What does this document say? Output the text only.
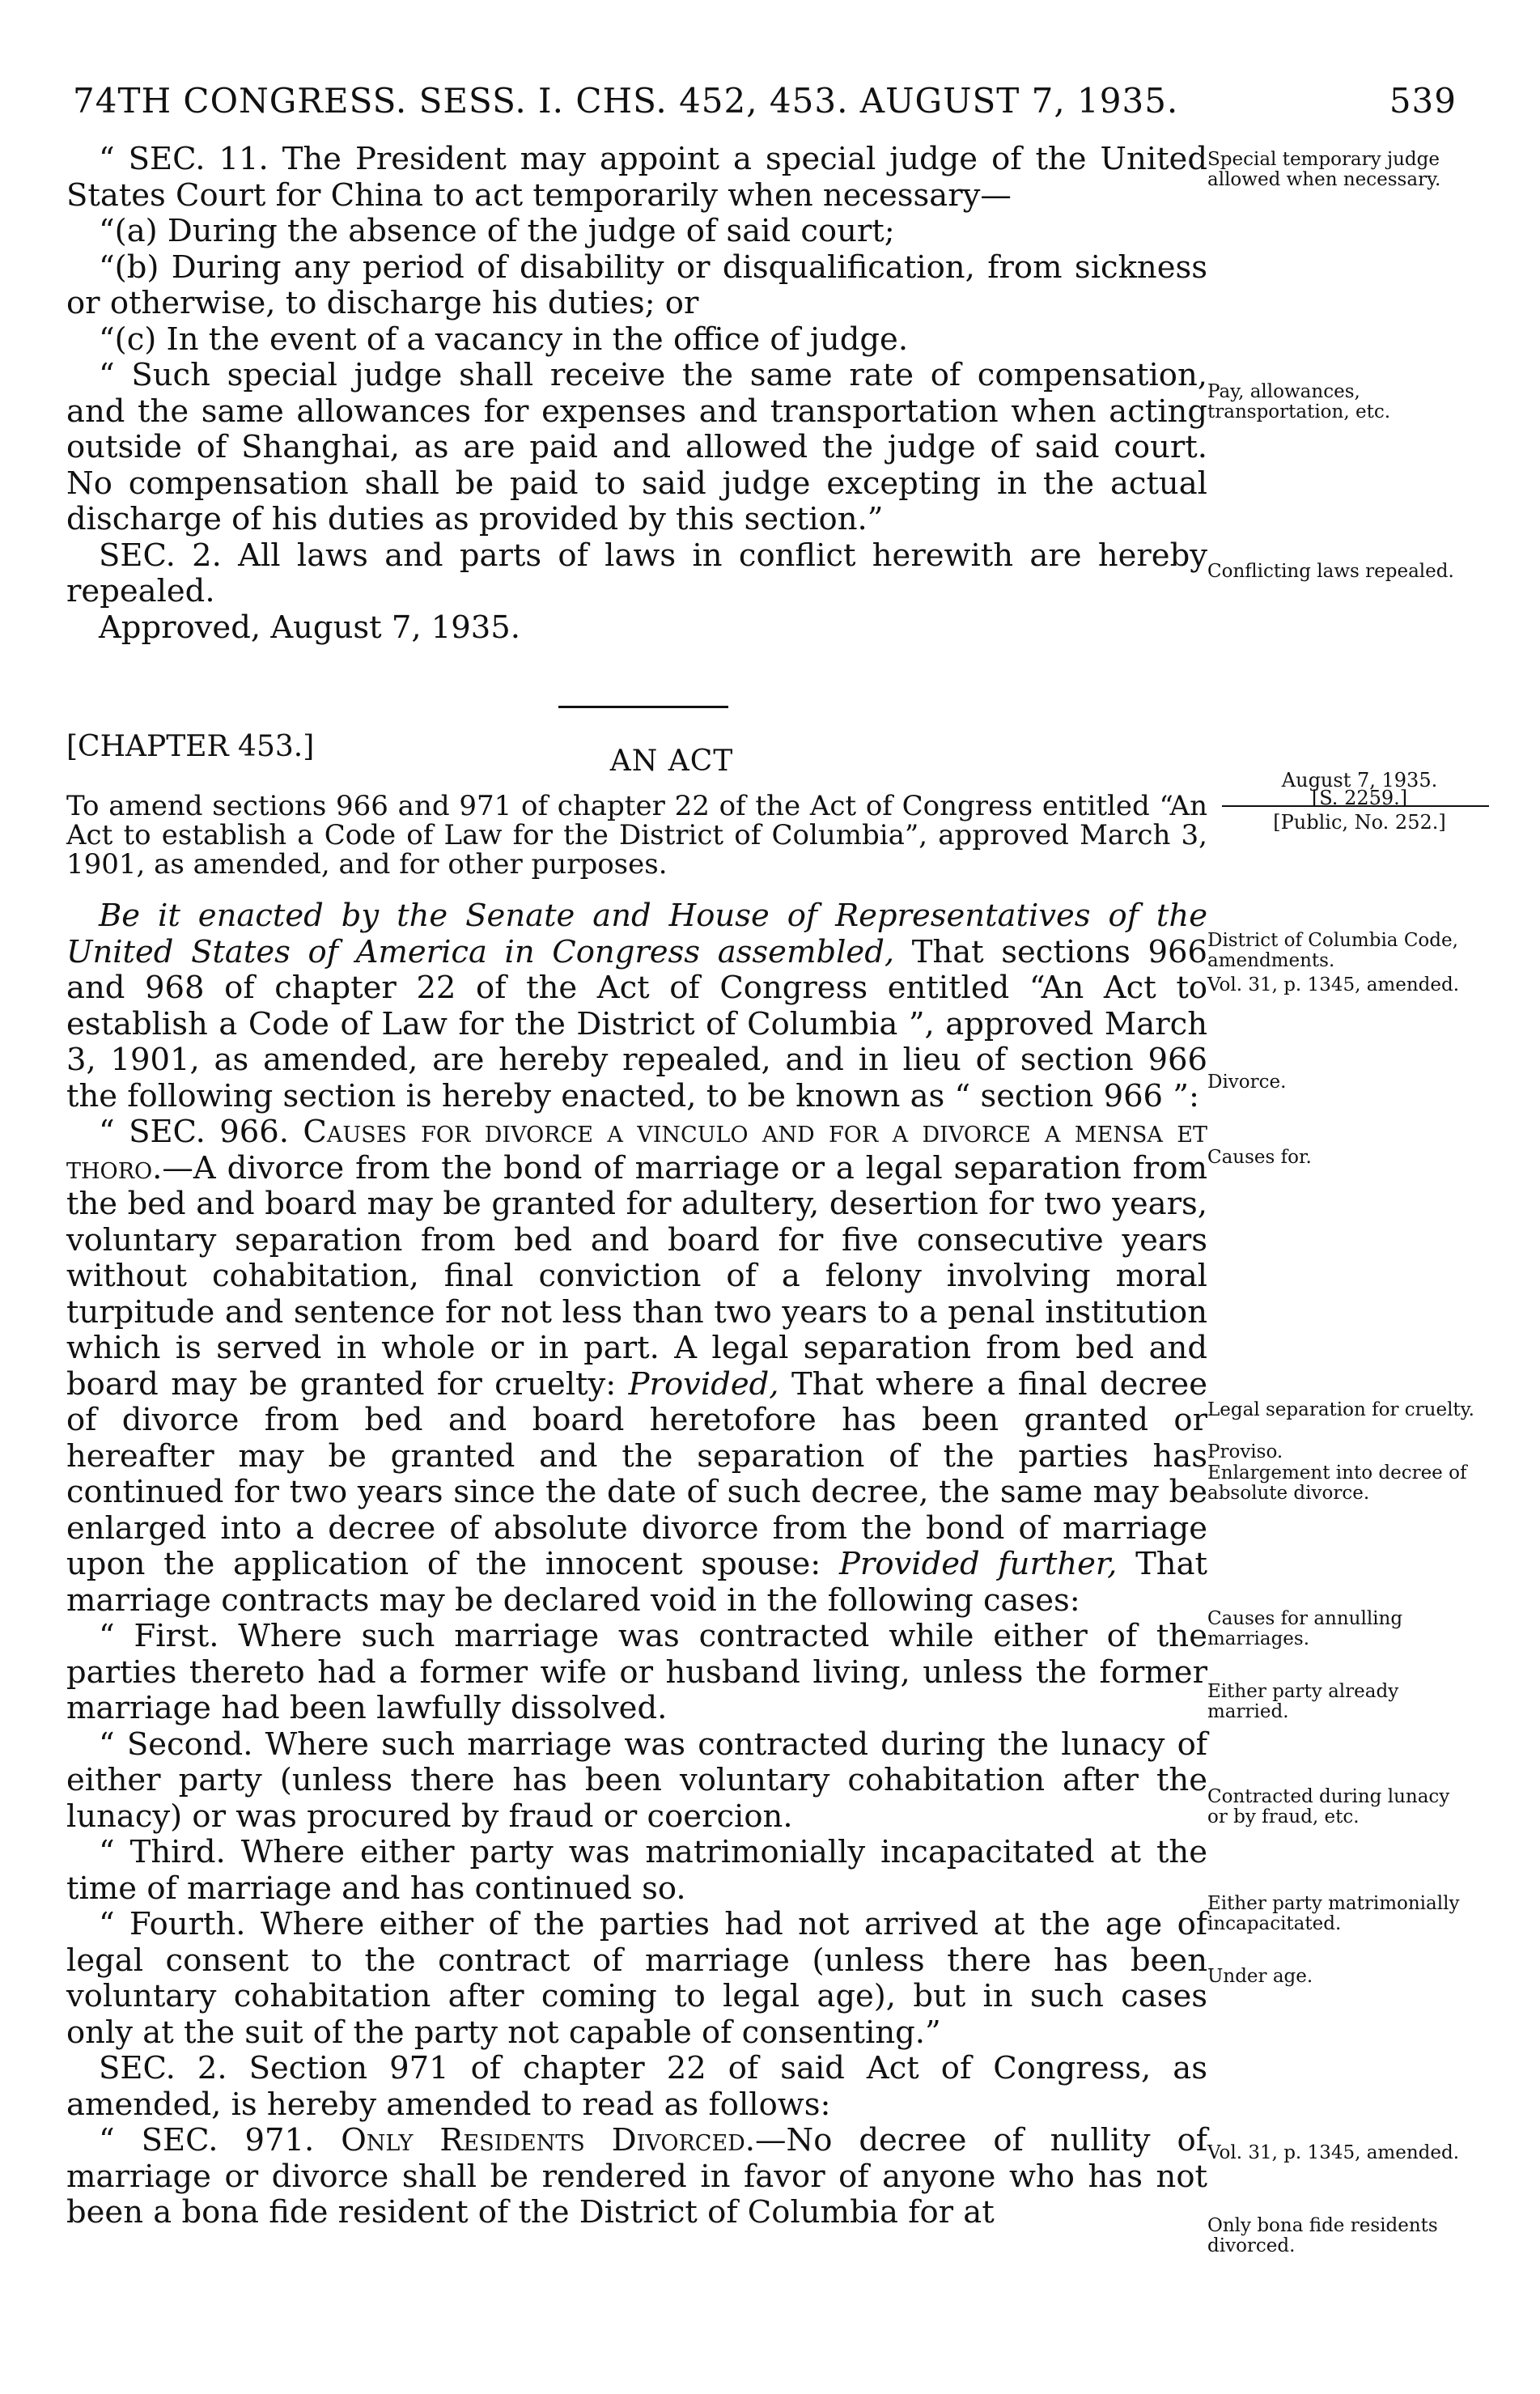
74TH CONGRESS. SESS. I. CHS. 452, 453. AUGUST 7, 1935.	539

“ SEC. 11. The President may appoint a special judge of the United States Court for China to act temporarily when necessary—

“(a) During the absence of the judge of said court;

“(b) During any period of disability or disqualification, from sickness or otherwise, to discharge his duties; or

“(c) In the event of a vacancy in the office of judge.

“ Such special judge shall receive the same rate of compensation, and the same allowances for expenses and transportation when acting outside of Shanghai, as are paid and allowed the judge of said court. No compensation shall be paid to said judge excepting in the actual discharge of his duties as provided by this section.”

SEC. 2. All laws and parts of laws in conflict herewith are hereby repealed.

Approved, August 7, 1935.

Special temporary judge allowed when necessary.
Pay, allowances, transportation, etc.
Conflicting laws repealed.
[CHAPTER 453.]	AN ACT
To amend sections 966 and 971 of chapter 22 of the Act of Congress entitled “An Act to establish a Code of Law for the District of Columbia”, approved March 3, 1901, as amended, and for other purposes.
August 7, 1935.
[S. 2259.]
[Public, No. 252.]

Be it enacted by the Senate and House of Representatives of the United States of America in Congress assembled, That sections 966 and 968 of chapter 22 of the Act of Congress entitled “An Act to establish a Code of Law for the District of Columbia ”, approved March 3, 1901, as amended, are hereby repealed, and in lieu of section 966 the following section is hereby enacted, to be known as “ section 966 ”:

“ SEC. 966. Causes for divorce a vinculo and for a divorce a mensa et thoro.—A divorce from the bond of marriage or a legal separation from the bed and board may be granted for adultery, desertion for two years, voluntary separation from bed and board for five consecutive years without cohabitation, final conviction of a felony involving moral turpitude and sentence for not less than two years to a penal institution which is served in whole or in part. A legal separation from bed and board may be granted for cruelty: Provided, That where a final decree of divorce from bed and board heretofore has been granted or hereafter may be granted and the separation of the parties has continued for two years since the date of such decree, the same may be enlarged into a decree of absolute divorce from the bond of marriage upon the application of the innocent spouse: Provided further, That marriage contracts may be declared void in the following cases:

“ First. Where such marriage was contracted while either of the parties thereto had a former wife or husband living, unless the former marriage had been lawfully dissolved.

“ Second. Where such marriage was contracted during the lunacy of either party (unless there has been voluntary cohabitation after the lunacy) or was procured by fraud or coercion.

“ Third. Where either party was matrimonially incapacitated at the time of marriage and has continued so.

“ Fourth. Where either of the parties had not arrived at the age of legal consent to the contract of marriage (unless there has been voluntary cohabitation after coming to legal age), but in such cases only at the suit of the party not capable of consenting.”

SEC. 2. Section 971 of chapter 22 of said Act of Congress, as amended, is hereby amended to read as follows:

“ SEC. 971. Only Residents Divorced.—No decree of nullity of marriage or divorce shall be rendered in favor of anyone who has not been a bona fide resident of the District of Columbia for at

District of Columbia Code, amendments.
Vol. 31, p. 1345, amended.
Divorce.
Causes for.
Legal separation for cruelty.
Proviso.
Enlargement into decree of absolute divorce.
Causes for annulling marriages.
Either party already married.
Contracted during lunacy or by fraud, etc.
Either party matrimonially incapacitated.
Under age.
Vol. 31, p. 1345, amended.
Only bona fide residents divorced.
